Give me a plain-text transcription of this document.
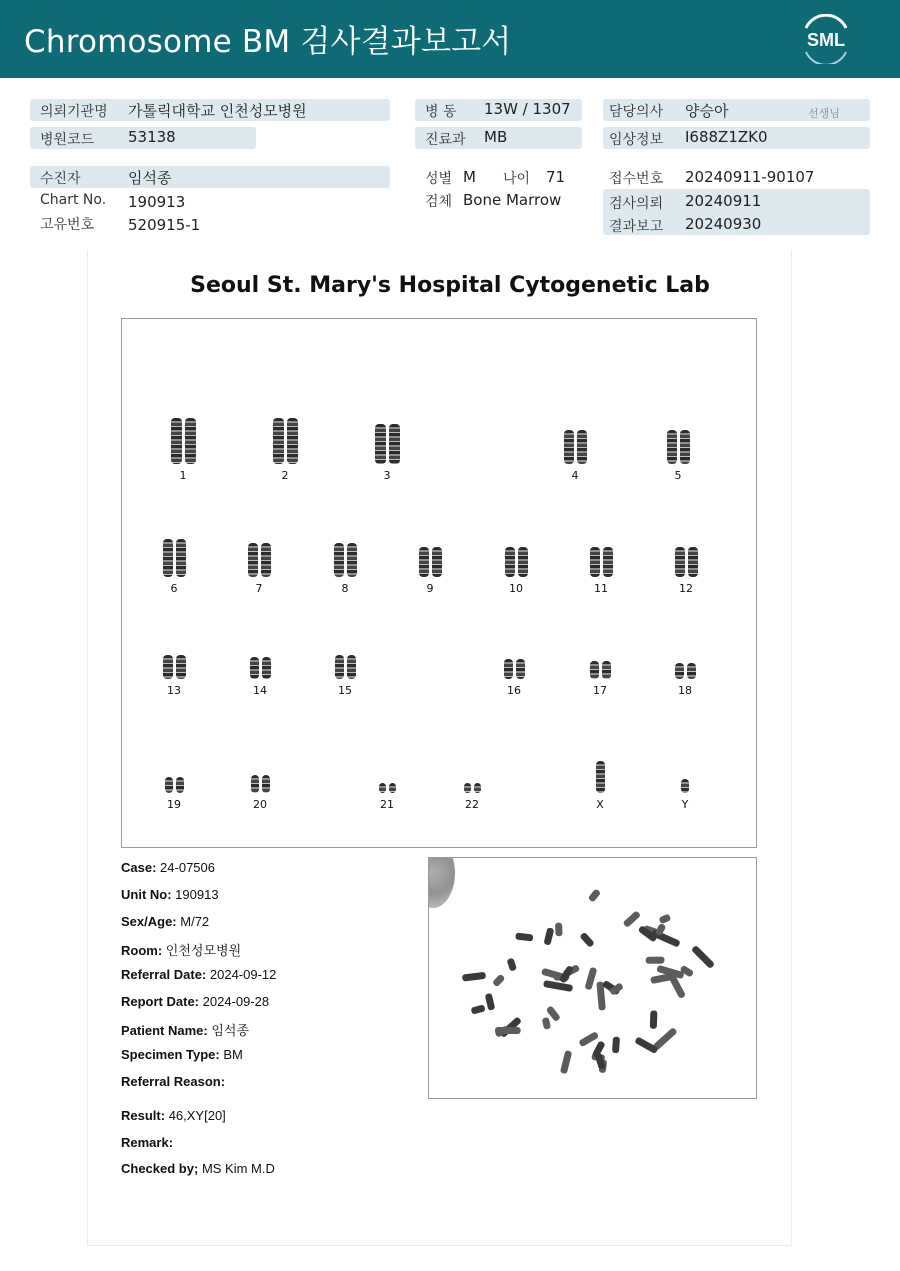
Chromosome BM 검사결과보고서	SML
의뢰기관명 가톨릭대학교 인천성모병원
병원코드 53138
병 동 13W / 1307
진료과 MB
담당의사 양승아	선생님
임상정보 I688Z1ZK0
수진자	임석종
Chart No. 190913
고유번호 520915-1
성별 M 나이 71
검체 Bone Marrow
접수번호 20240911-90107
검사의뢰 20240911
결과보고 20240930
Seoul St. Mary's Hospital Cytogenetic Lab
1	2	3	4	5
6	7	8	9	10	11	12
13	14	15	16	17	18
19	20	21	22	X	Y
Case: 24-07506
Unit No: 190913
Sex/Age: M/72
Room: 인천성모병원
Referral Date: 2024-09-12
Report Date: 2024-09-28
Patient Name: 임석종
Specimen Type: BM
Referral Reason:
Result: 46,XY[20]
Remark:
Checked by; MS Kim M.D
